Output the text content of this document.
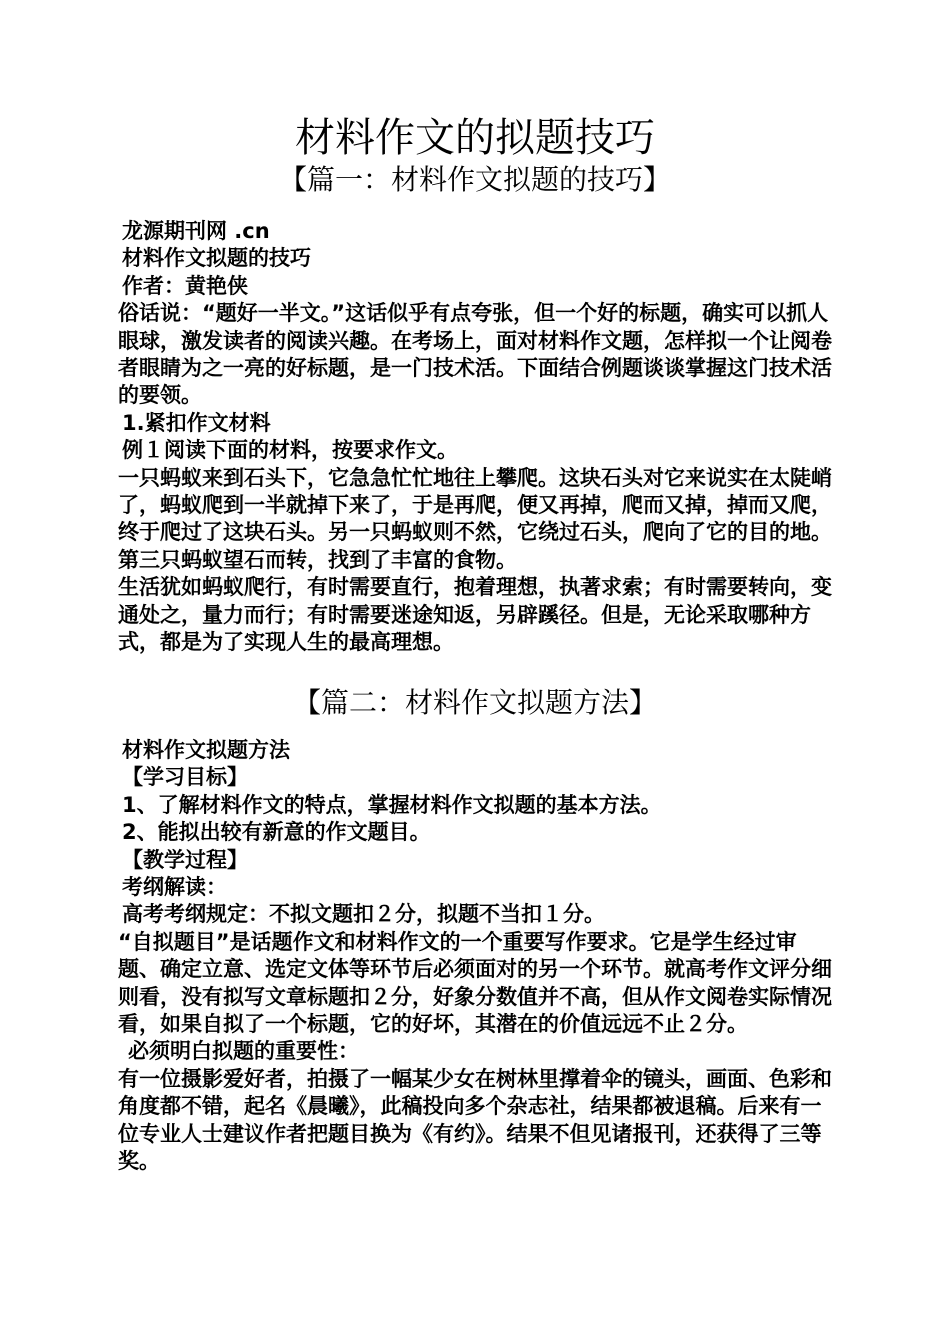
材料作文的拟题技巧
【篇一：材料作文拟题的技巧】

龙源期刊网 .cn

材料作文拟题的技巧

作者：黄艳侠

俗话说：“题好一半文。”这话似乎有点夸张，但一个好的标题，确实可以抓人眼球，激发读者的阅读兴趣。在考场上，面对材料作文题，怎样拟一个让阅卷者眼睛为之一亮的好标题，是一门技术活。下面结合例题谈谈掌握这门技术活的要领。

1.紧扣作文材料

例１阅读下面的材料，按要求作文。

一只蚂蚁来到石头下，它急急忙忙地往上攀爬。这块石头对它来说实在太陡峭了，蚂蚁爬到一半就掉下来了，于是再爬，便又再掉，爬而又掉，掉而又爬，终于爬过了这块石头。另一只蚂蚁则不然，它绕过石头，爬向了它的目的地。第三只蚂蚁望石而转，找到了丰富的食物。

生活犹如蚂蚁爬行，有时需要直行，抱着理想，执著求索；有时需要转向，变通处之，量力而行；有时需要迷途知返，另辟蹊径。但是，无论采取哪种方式，都是为了实现人生的最高理想。

【篇二：材料作文拟题方法】

材料作文拟题方法

【学习目标】

1、了解材料作文的特点，掌握材料作文拟题的基本方法。

2、能拟出较有新意的作文题目。

【教学过程】

考纲解读：

高考考纲规定：不拟文题扣２分，拟题不当扣１分。

“自拟题目”是话题作文和材料作文的一个重要写作要求。它是学生经过审题、确定立意、选定文体等环节后必须面对的另一个环节。就高考作文评分细则看，没有拟写文章标题扣２分，好象分数值并不高，但从作文阅卷实际情况看，如果自拟了一个标题，它的好坏，其潜在的价值远远不止２分。

必须明白拟题的重要性：

有一位摄影爱好者，拍摄了一幅某少女在树林里撑着伞的镜头，画面、色彩和角度都不错，起名《晨曦》，此稿投向多个杂志社，结果都被退稿。后来有一位专业人士建议作者把题目换为《有约》。结果不但见诸报刊，还获得了三等奖。
